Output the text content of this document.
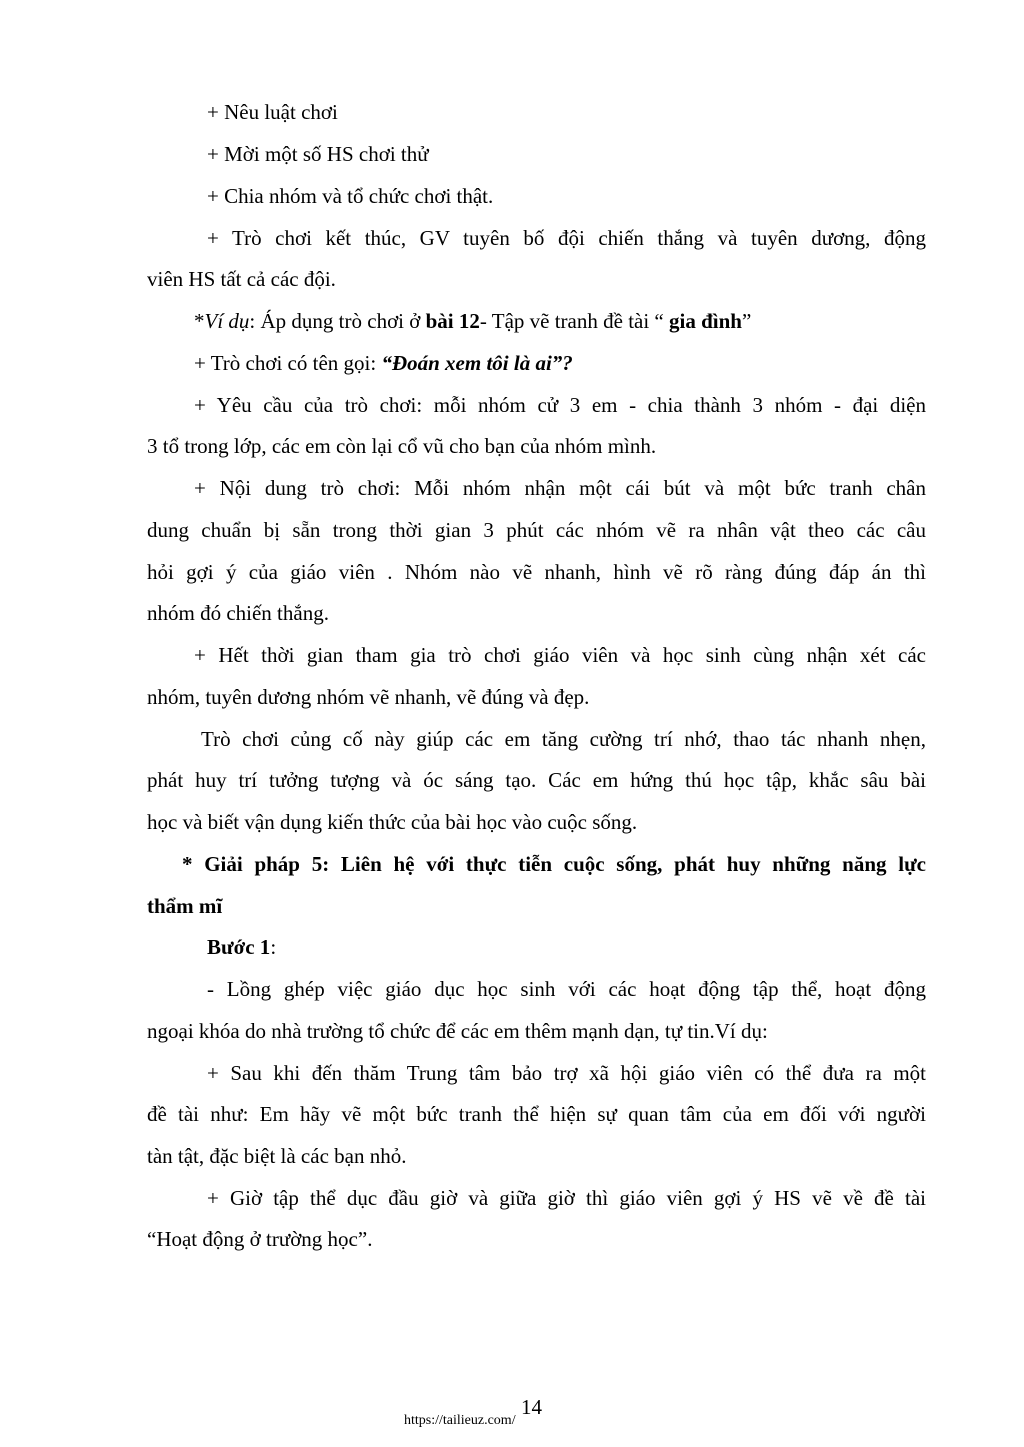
+ Nêu luật chơi
+ Mời một số HS chơi thử
+ Chia nhóm và tổ chức chơi thật.
+ Trò chơi kết thúc, GV tuyên bố đội chiến thắng và tuyên dương, động
viên HS tất cả các đội.
*Ví dụ: Áp dụng trò chơi ở bài 12- Tập vẽ tranh đề tài “ gia đình”
+ Trò chơi có tên gọi: “Đoán xem tôi là ai”?
+ Yêu cầu của trò chơi: mỗi nhóm cử 3 em - chia thành 3 nhóm - đại diện
3 tổ trong lớp, các em còn lại cổ vũ cho bạn của nhóm mình.
+ Nội dung trò chơi: Mỗi nhóm nhận một cái bút và một bức tranh chân
dung chuẩn bị sẵn trong thời gian 3 phút các nhóm vẽ ra nhân vật theo các câu
hỏi gợi ý của giáo viên . Nhóm nào vẽ nhanh, hình vẽ rõ ràng đúng đáp án thì
nhóm đó chiến thắng.
+ Hết thời gian tham gia trò chơi giáo viên và học sinh cùng nhận xét các
nhóm, tuyên dương nhóm vẽ nhanh, vẽ đúng và đẹp.
Trò chơi củng cố này giúp các em tăng cường trí nhớ, thao tác nhanh nhẹn,
phát huy trí tưởng tượng và óc sáng tạo. Các em hứng thú học tập, khắc sâu bài
học và biết vận dụng kiến thức của bài học vào cuộc sống.
* Giải pháp 5: Liên hệ với thực tiễn cuộc sống, phát huy những năng lực
thẩm mĩ
Bước 1:
- Lồng ghép việc giáo dục học sinh với các hoạt động tập thể, hoạt động
ngoại khóa do nhà trường tổ chức để các em thêm mạnh dạn, tự tin.Ví dụ:
+ Sau khi đến thăm Trung tâm bảo trợ xã hội giáo viên có thể đưa ra một
đề tài như: Em hãy vẽ một bức tranh thể hiện sự quan tâm của em đối với người
tàn tật, đặc biệt là các bạn nhỏ.
+ Giờ tập thể dục đầu giờ và giữa giờ thì giáo viên gợi ý HS vẽ về đề tài
“Hoạt động ở trường học”.
14
https://tailieuz.com/
